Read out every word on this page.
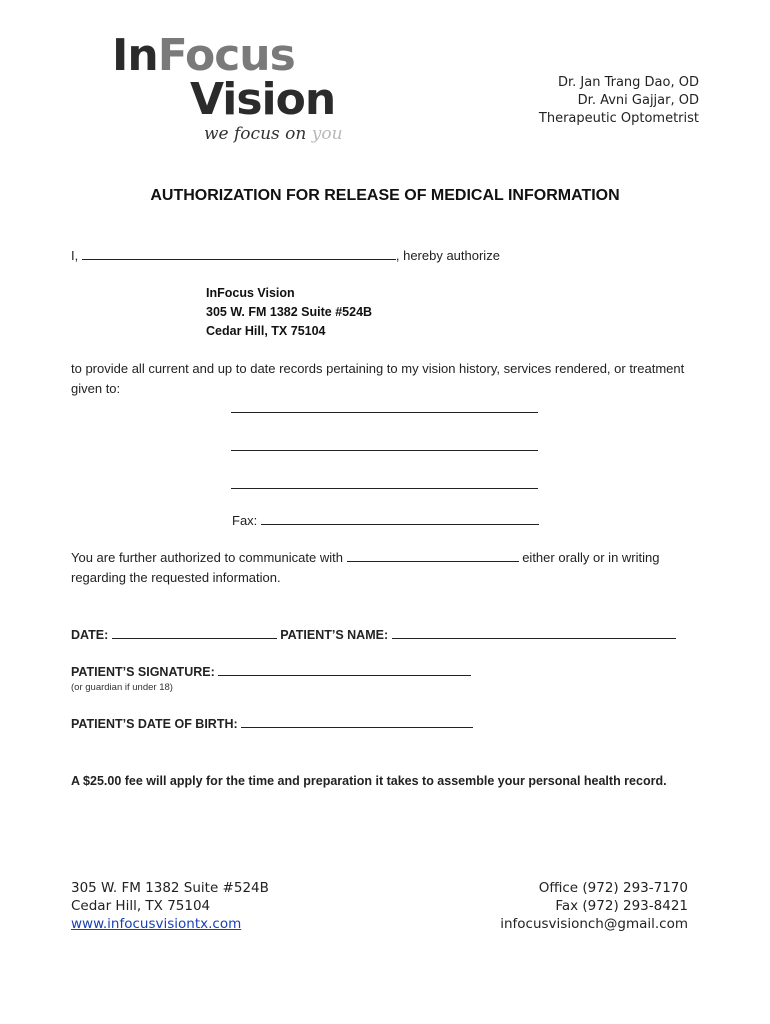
InFocus
Vision
we focus on you
Dr. Jan Trang Dao, OD
Dr. Avni Gajjar, OD
Therapeutic Optometrist
AUTHORIZATION FOR RELEASE OF MEDICAL INFORMATION
I,	, hereby authorize
InFocus Vision
305 W. FM 1382 Suite #524B
Cedar Hill, TX 75104
to provide all current and up to date records pertaining to my vision history, services rendered, or treatment given to:
Fax:
You are further authorized to communicate with	either orally or in writing
regarding the requested information.
DATE:	PATIENT’S NAME:
PATIENT’S SIGNATURE:
(or guardian if under 18)
PATIENT’S DATE OF BIRTH:
A $25.00 fee will apply for the time and preparation it takes to assemble your personal health record.
305 W. FM 1382 Suite #524B
Cedar Hill, TX 75104
www.infocusvisiontx.com
Office (972) 293-7170
Fax (972) 293-8421
infocusvisionch@gmail.com
